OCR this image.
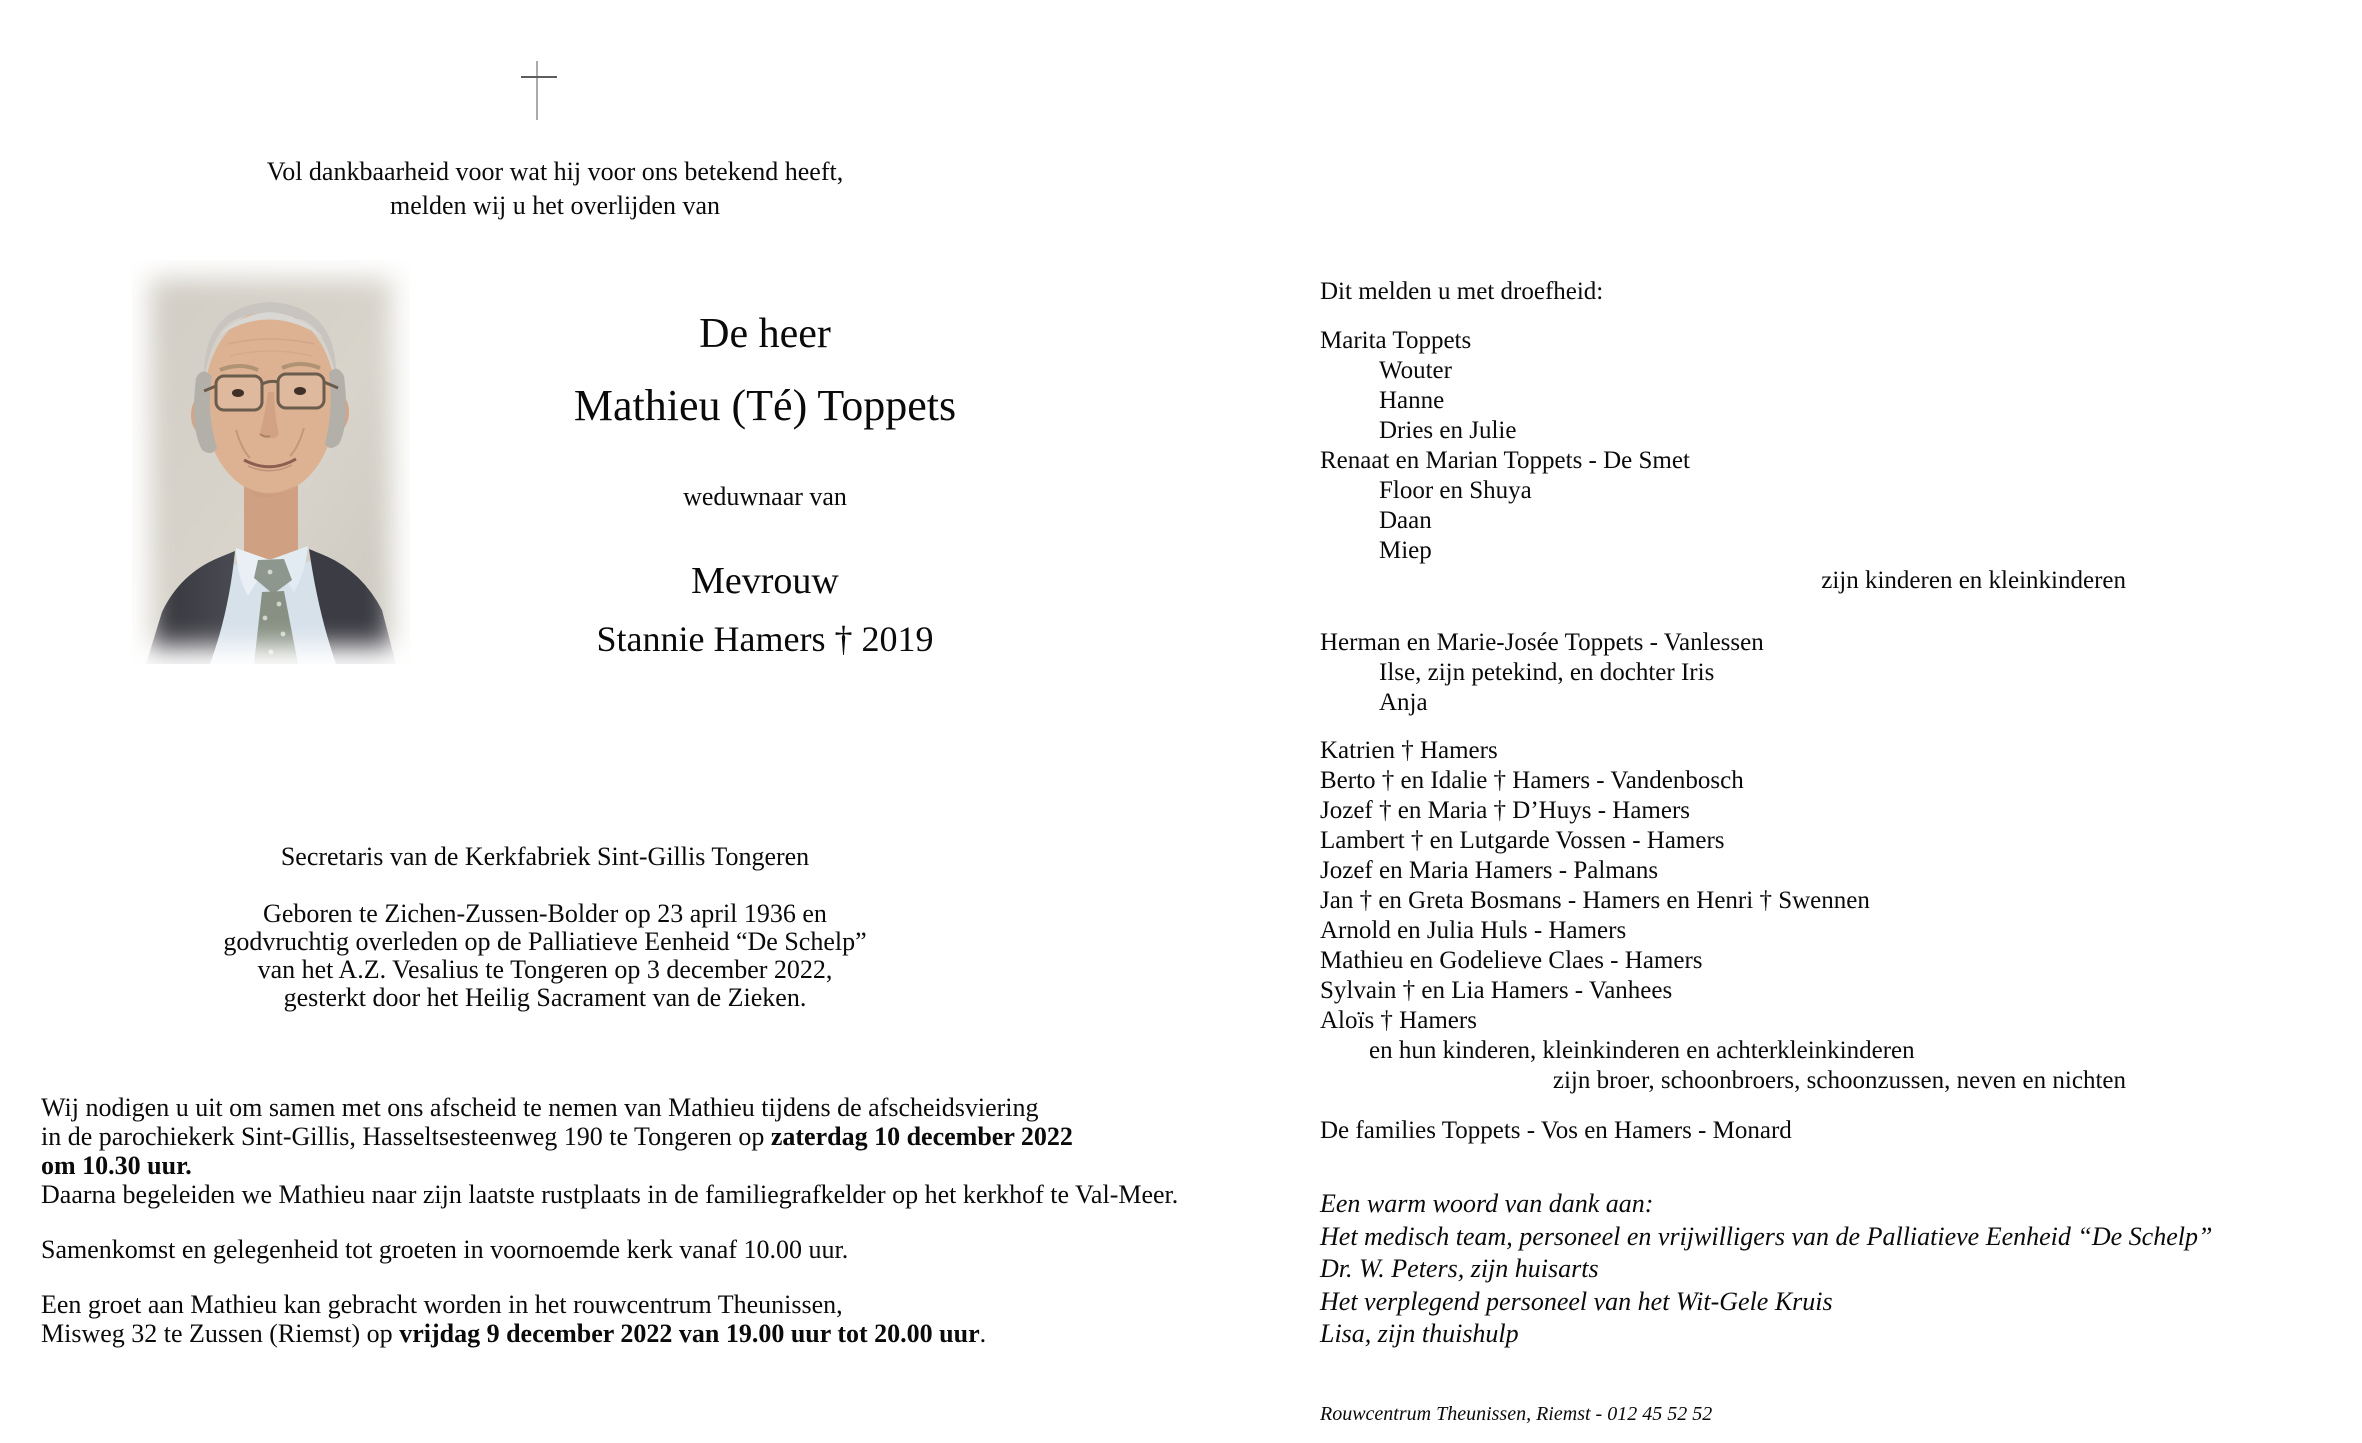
Vol dankbaarheid voor wat hij voor ons betekend heeft,
melden wij u het overlijden van
De heer
Mathieu (Té) Toppets
weduwnaar van
Mevrouw
Stannie Hamers † 2019
Secretaris van de Kerkfabriek Sint-Gillis Tongeren
Geboren te Zichen-Zussen-Bolder op 23 april 1936 en
godvruchtig overleden op de Palliatieve Eenheid “De Schelp”
van het A.Z. Vesalius te Tongeren op 3 december 2022,
gesterkt door het Heilig Sacrament van de Zieken.
Wij nodigen u uit om samen met ons afscheid te nemen van Mathieu tijdens de afscheidsviering
in de parochiekerk Sint-Gillis, Hasseltsesteenweg 190 te Tongeren op zaterdag 10 december 2022
om 10.30 uur.
Daarna begeleiden we Mathieu naar zijn laatste rustplaats in de familiegrafkelder op het kerkhof te Val-Meer.
Samenkomst en gelegenheid tot groeten in voornoemde kerk vanaf 10.00 uur.
Een groet aan Mathieu kan gebracht worden in het rouwcentrum Theunissen,
Misweg 32 te Zussen (Riemst) op vrijdag 9 december 2022 van 19.00 uur tot 20.00 uur.
Dit melden u met droefheid:
Marita Toppets
Wouter
Hanne
Dries en Julie
Renaat en Marian Toppets - De Smet
Floor en Shuya
Daan
Miep
zijn kinderen en kleinkinderen
Herman en Marie-Josée Toppets - Vanlessen
Ilse, zijn petekind, en dochter Iris
Anja
Katrien † Hamers
Berto † en Idalie † Hamers - Vandenbosch
Jozef † en Maria † D’Huys - Hamers
Lambert † en Lutgarde Vossen - Hamers
Jozef en Maria Hamers - Palmans
Jan † en Greta Bosmans - Hamers en Henri † Swennen
Arnold en Julia Huls - Hamers
Mathieu en Godelieve Claes - Hamers
Sylvain † en Lia Hamers - Vanhees
Aloïs † Hamers
en hun kinderen, kleinkinderen en achterkleinkinderen
zijn broer, schoonbroers, schoonzussen, neven en nichten
De families Toppets - Vos en Hamers - Monard
Een warm woord van dank aan:
Het medisch team, personeel en vrijwilligers van de Palliatieve Eenheid “De Schelp”
Dr. W. Peters, zijn huisarts
Het verplegend personeel van het Wit-Gele Kruis
Lisa, zijn thuishulp
Rouwcentrum Theunissen, Riemst - 012 45 52 52
